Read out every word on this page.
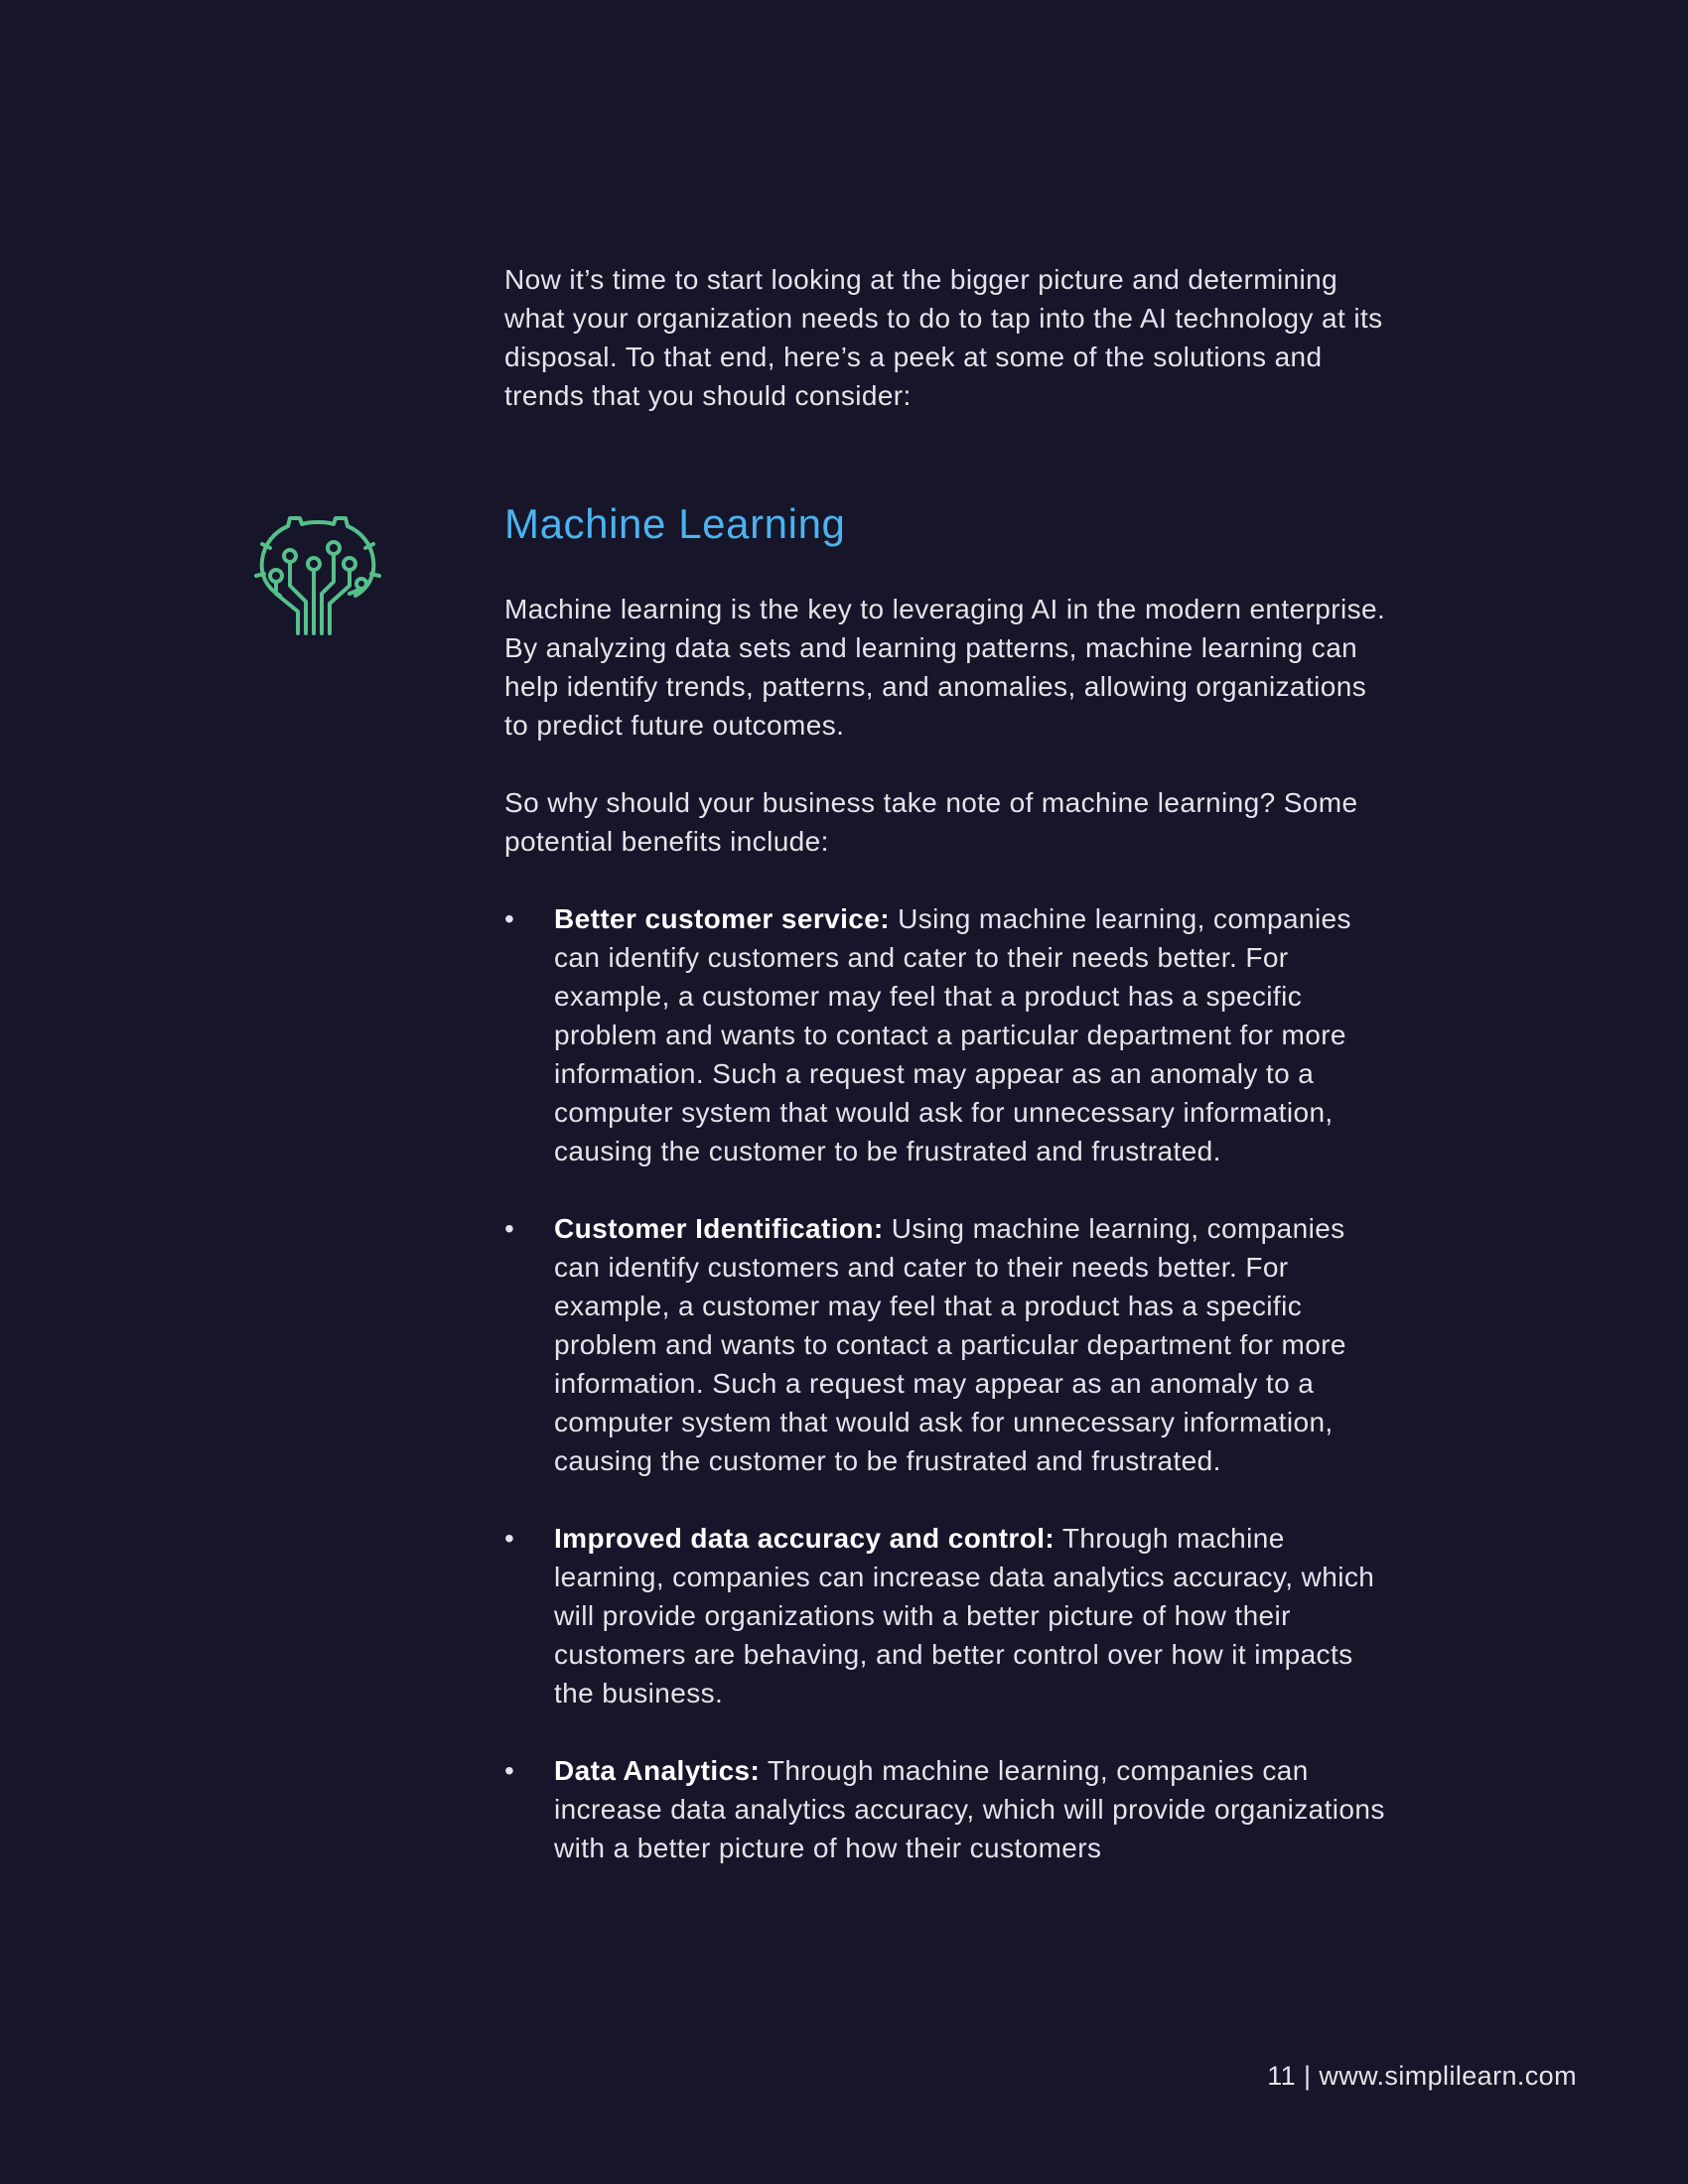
Now it’s time to start looking at the bigger picture and determining what your organization needs to do to tap into the AI technology at its disposal. To that end, here’s a peek at some of the solutions and trends that you should consider:

Machine Learning

Machine learning is the key to leveraging AI in the modern enterprise. By analyzing data sets and learning patterns, machine learning can help identify trends, patterns, and anomalies, allowing organizations to predict future outcomes.

So why should your business take note of machine learning? Some potential benefits include:

• Better customer service: Using machine learning, companies can identify customers and cater to their needs better. For example, a customer may feel that a product has a specific problem and wants to contact a particular department for more information. Such a request may appear as an anomaly to a computer system that would ask for unnecessary information, causing the customer to be frustrated and frustrated.
• Customer Identification: Using machine learning, companies can identify customers and cater to their needs better. For example, a customer may feel that a product has a specific problem and wants to contact a particular department for more information. Such a request may appear as an anomaly to a computer system that would ask for unnecessary information, causing the customer to be frustrated and frustrated.
• Improved data accuracy and control: Through machine learning, companies can increase data analytics accuracy, which will provide organizations with a better picture of how their customers are behaving, and better control over how it impacts the business.
• Data Analytics: Through machine learning, companies can increase data analytics accuracy, which will provide organizations with a better picture of how their customers
11 | www.simplilearn.com
